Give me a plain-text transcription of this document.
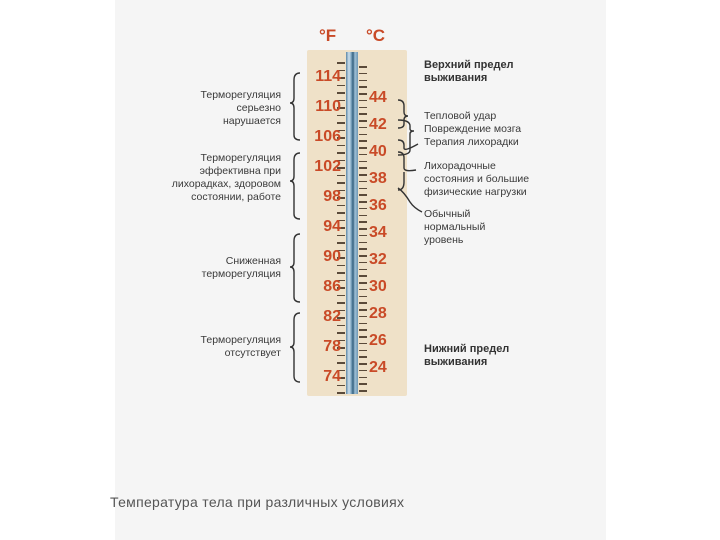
°F °C
114
110
106
102
98
94
90
86
82
78
74
44
42
40
38
36
34
32
30
28
26
24
Терморегуляция серьезно нарушается
Терморегуляция эффективна при лихорадках, здоровом состоянии, работе
Сниженная терморегуляция
Терморегуляция отсутствует
Верхний предел выживания
Тепловой удар
Повреждение мозга
Терапия лихорадки
Лихорадочные состояния и большие физические нагрузки
Обычный нормальный уровень
Нижний предел выживания
Температура тела при различных условиях
